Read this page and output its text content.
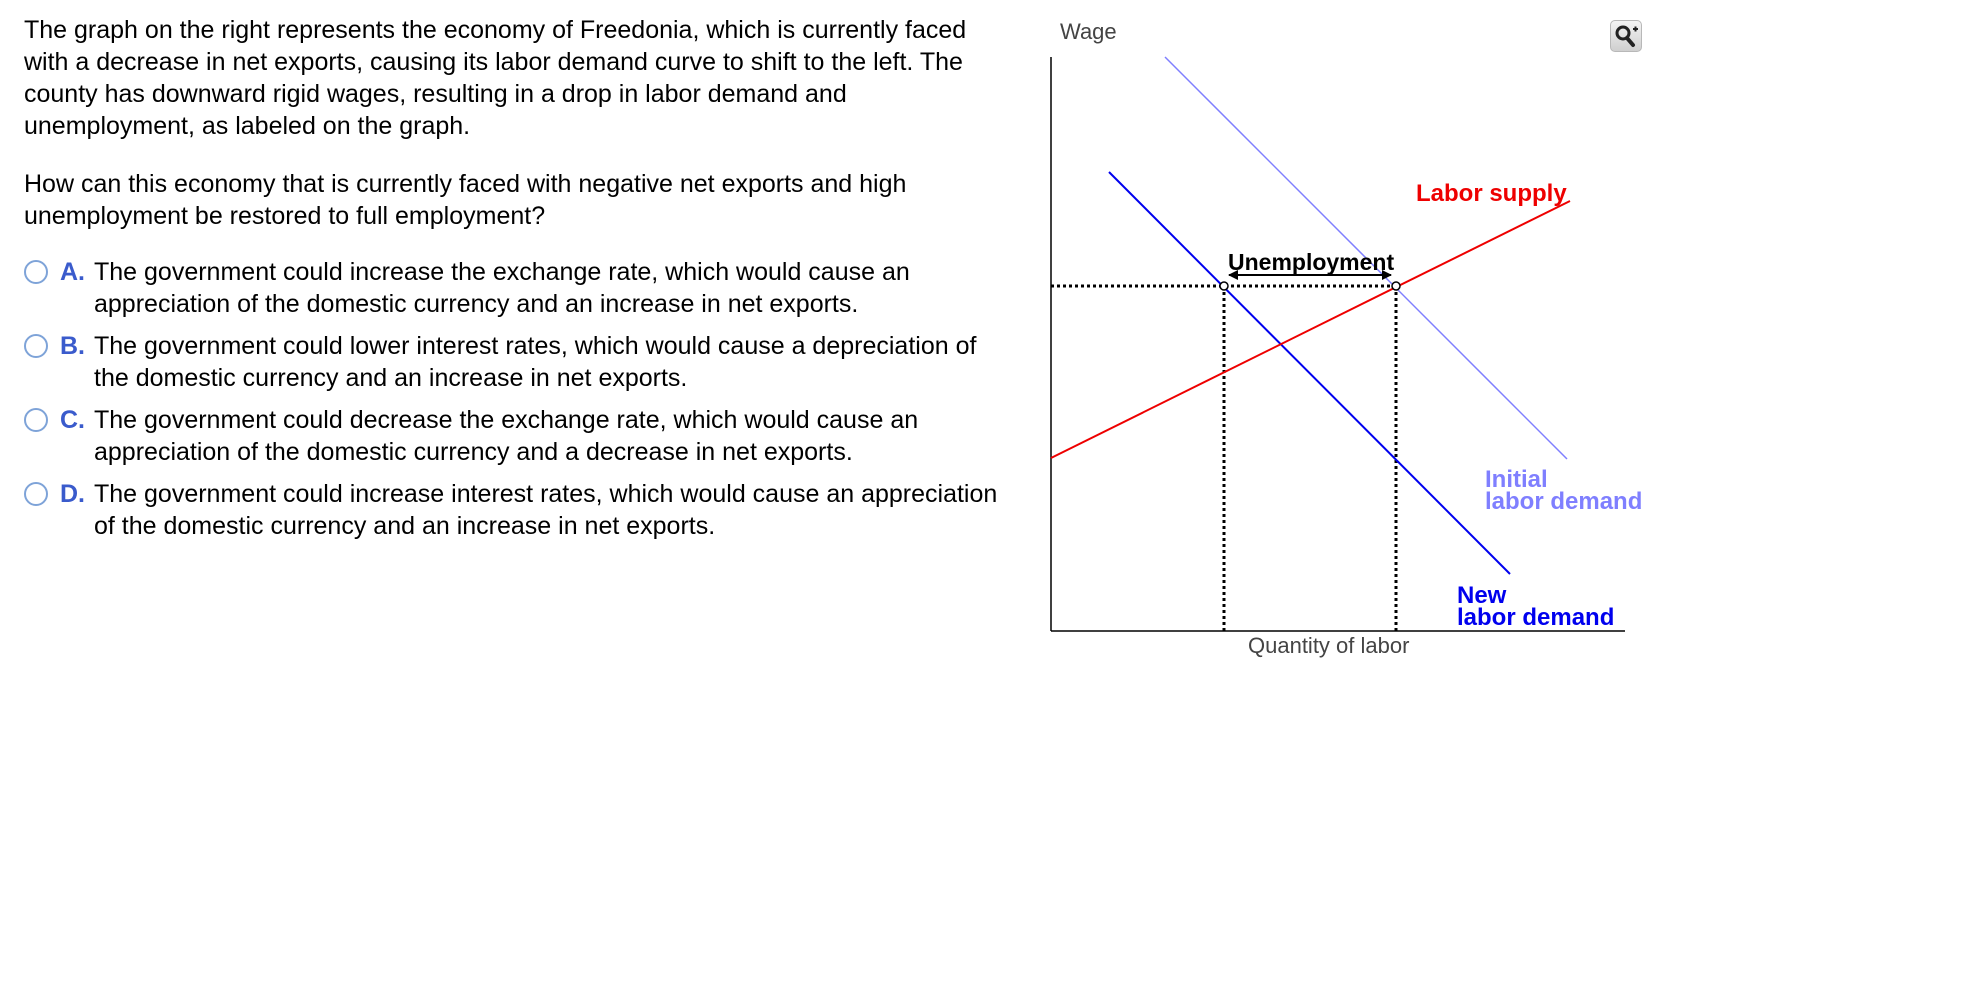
The graph on the right represents the economy of Freedonia, which is currently faced with a decrease in net exports, causing its labor demand curve to shift to the left. The county has downward rigid wages, resulting in a drop in labor demand and unemployment, as labeled on the graph.

How can this economy that is currently faced with negative net exports and high unemployment be restored to full employment?

A. The government could increase the exchange rate, which would cause an appreciation of the domestic currency and an increase in net exports.
B. The government could lower interest rates, which would cause a depreciation of the domestic currency and an increase in net exports.
C. The government could decrease the exchange rate, which would cause an appreciation of the domestic currency and a decrease in net exports.
D. The government could increase interest rates, which would cause an appreciation of the domestic currency and an increase in net exports.
Wage
Quantity of labor
Unemployment
Labor supply
Initial
labor demand
New
labor demand
